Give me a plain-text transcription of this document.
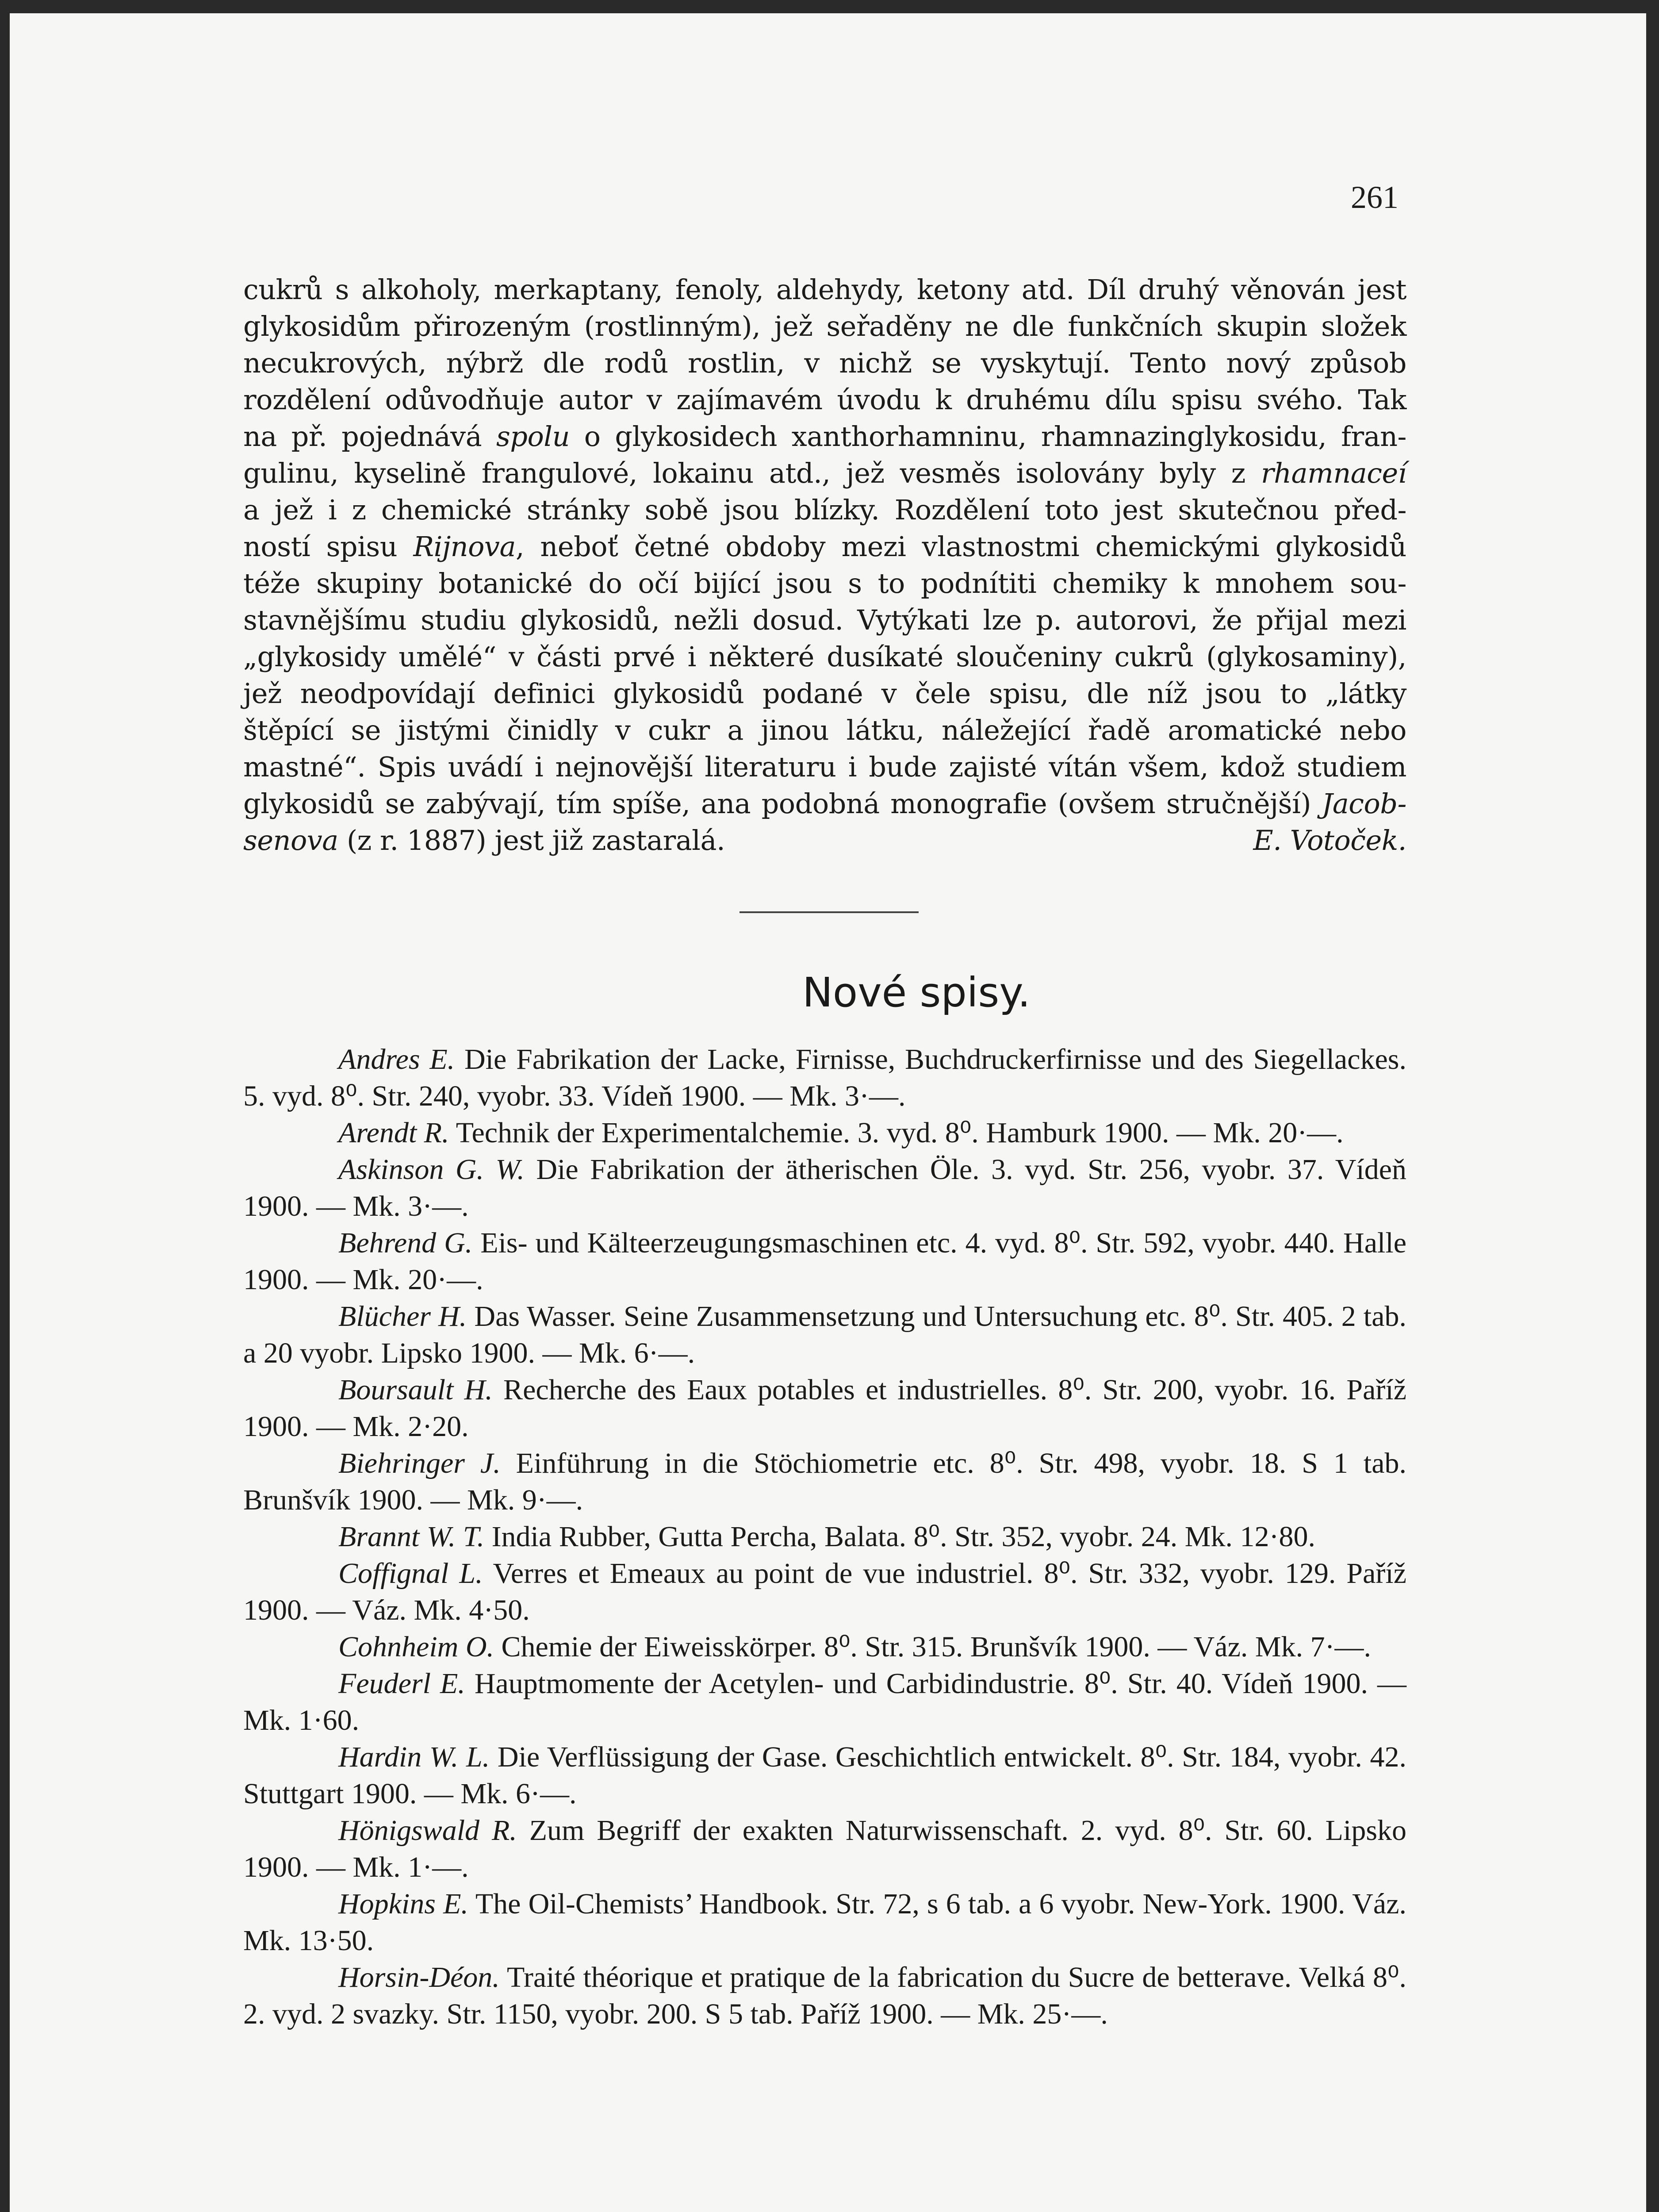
261
cukrů s alkoholy, merkaptany, fenoly, aldehydy, ketony atd. Díl druhý věnován jest
glykosidům přirozeným (rostlinným), jež seřaděny ne dle funkčních skupin složek
necukrových, nýbrž dle rodů rostlin, v nichž se vyskytují. Tento nový způsob
rozdělení odůvodňuje autor v zajímavém úvodu k druhému dílu spisu svého. Tak
na př. pojednává spolu o glykosidech xanthorhamninu, rhamnazinglykosidu, fran-
gulinu, kyselině frangulové, lokainu atd., jež vesměs isolovány byly z rhamnaceí
a jež i z chemické stránky sobě jsou blízky. Rozdělení toto jest skutečnou před-
ností spisu Rijnova, neboť četné obdoby mezi vlastnostmi chemickými glykosidů
téže skupiny botanické do očí bijící jsou s to podnítiti chemiky k mnohem sou-
stavnějšímu studiu glykosidů, nežli dosud. Vytýkati lze p. autorovi, že přijal mezi
„glykosidy umělé“ v části prvé i některé dusíkaté sloučeniny cukrů (glykosaminy),
jež neodpovídají definici glykosidů podané v čele spisu, dle níž jsou to „látky
štěpící se jistými činidly v cukr a jinou látku, náležející řadě aromatické nebo
mastné“. Spis uvádí i nejnovější literaturu i bude zajisté vítán všem, kdož studiem
glykosidů se zabývají, tím spíše, ana podobná monografie (ovšem stručnější) Jacob-
senova (z r. 1887) jest již zastaralá.	E. Votoček.
Nové spisy.

Andres E. Die Fabrikation der Lacke, Firnisse, Buchdruckerfirnisse und des Siegellackes. 5. vyd. 8⁰. Str. 240, vyobr. 33. Vídeň 1900. — Mk. 3·—.

Arendt R. Technik der Experimentalchemie. 3. vyd. 8⁰. Hamburk 1900. — Mk. 20·—.

Askinson G. W. Die Fabrikation der ätherischen Öle. 3. vyd. Str. 256, vyobr. 37. Vídeň 1900. — Mk. 3·—.

Behrend G. Eis- und Kälteerzeugungsmaschinen etc. 4. vyd. 8⁰. Str. 592, vyobr. 440. Halle 1900. — Mk. 20·—.

Blücher H. Das Wasser. Seine Zusammensetzung und Untersuchung etc. 8⁰. Str. 405. 2 tab. a 20 vyobr. Lipsko 1900. — Mk. 6·—.

Boursault H. Recherche des Eaux potables et industrielles. 8⁰. Str. 200, vyobr. 16. Paříž 1900. — Mk. 2·20.

Biehringer J. Einführung in die Stöchiometrie etc. 8⁰. Str. 498, vyobr. 18. S 1 tab. Brunšvík 1900. — Mk. 9·—.

Brannt W. T. India Rubber, Gutta Percha, Balata. 8⁰. Str. 352, vyobr. 24. Mk. 12·80.

Coffignal L. Verres et Emeaux au point de vue industriel. 8⁰. Str. 332, vyobr. 129. Paříž 1900. — Váz. Mk. 4·50.

Cohnheim O. Chemie der Eiweisskörper. 8⁰. Str. 315. Brunšvík 1900. — Váz. Mk. 7·—.

Feuderl E. Hauptmomente der Acetylen- und Carbidindustrie. 8⁰. Str. 40. Vídeň 1900. — Mk. 1·60.

Hardin W. L. Die Verflüssigung der Gase. Geschichtlich entwickelt. 8⁰. Str. 184, vyobr. 42. Stuttgart 1900. — Mk. 6·—.

Hönigswald R. Zum Begriff der exakten Naturwissenschaft. 2. vyd. 8⁰. Str. 60. Lipsko 1900. — Mk. 1·—.

Hopkins E. The Oil-Chemists’ Handbook. Str. 72, s 6 tab. a 6 vyobr. New-York. 1900. Váz. Mk. 13·50.

Horsin-Déon. Traité théorique et pratique de la fabrication du Sucre de betterave. Velká 8⁰. 2. vyd. 2 svazky. Str. 1150, vyobr. 200. S 5 tab. Paříž 1900. — Mk. 25·—.
